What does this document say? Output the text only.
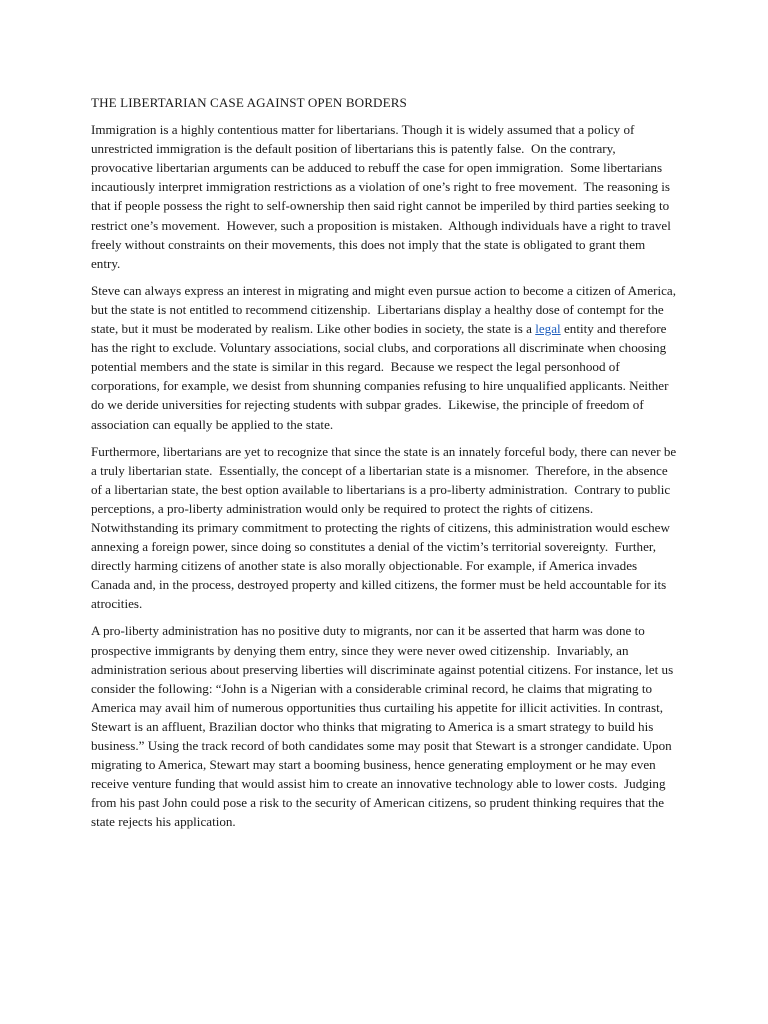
THE LIBERTARIAN CASE AGAINST OPEN BORDERS

Immigration is a highly contentious matter for libertarians. Though it is widely assumed that a policy of unrestricted immigration is the default position of libertarians this is patently false.  On the contrary, provocative libertarian arguments can be adduced to rebuff the case for open immigration.  Some libertarians incautiously interpret immigration restrictions as a violation of one’s right to free movement.  The reasoning is that if people possess the right to self-ownership then said right cannot be imperiled by third parties seeking to restrict one’s movement.  However, such a proposition is mistaken.  Although individuals have a right to travel freely without constraints on their movements, this does not imply that the state is obligated to grant them entry.

Steve can always express an interest in migrating and might even pursue action to become a citizen of America, but the state is not entitled to recommend citizenship.  Libertarians display a healthy dose of contempt for the state, but it must be moderated by realism. Like other bodies in society, the state is a legal entity and therefore has the right to exclude. Voluntary associations, social clubs, and corporations all discriminate when choosing potential members and the state is similar in this regard.  Because we respect the legal personhood of corporations, for example, we desist from shunning companies refusing to hire unqualified applicants. Neither do we deride universities for rejecting students with subpar grades.  Likewise, the principle of freedom of association can equally be applied to the state.

Furthermore, libertarians are yet to recognize that since the state is an innately forceful body, there can never be a truly libertarian state.  Essentially, the concept of a libertarian state is a misnomer.  Therefore, in the absence of a libertarian state, the best option available to libertarians is a pro-liberty administration.  Contrary to public perceptions, a pro-liberty administration would only be required to protect the rights of citizens.  Notwithstanding its primary commitment to protecting the rights of citizens, this administration would eschew annexing a foreign power, since doing so constitutes a denial of the victim’s territorial sovereignty.  Further, directly harming citizens of another state is also morally objectionable. For example, if America invades Canada and, in the process, destroyed property and killed citizens, the former must be held accountable for its atrocities.

A pro-liberty administration has no positive duty to migrants, nor can it be asserted that harm was done to prospective immigrants by denying them entry, since they were never owed citizenship.  Invariably, an administration serious about preserving liberties will discriminate against potential citizens. For instance, let us consider the following: “John is a Nigerian with a considerable criminal record, he claims that migrating to America may avail him of numerous opportunities thus curtailing his appetite for illicit activities. In contrast, Stewart is an affluent, Brazilian doctor who thinks that migrating to America is a smart strategy to build his business.” Using the track record of both candidates some may posit that Stewart is a stronger candidate. Upon migrating to America, Stewart may start a booming business, hence generating employment or he may even receive venture funding that would assist him to create an innovative technology able to lower costs.  Judging from his past John could pose a risk to the security of American citizens, so prudent thinking requires that the state rejects his application.
